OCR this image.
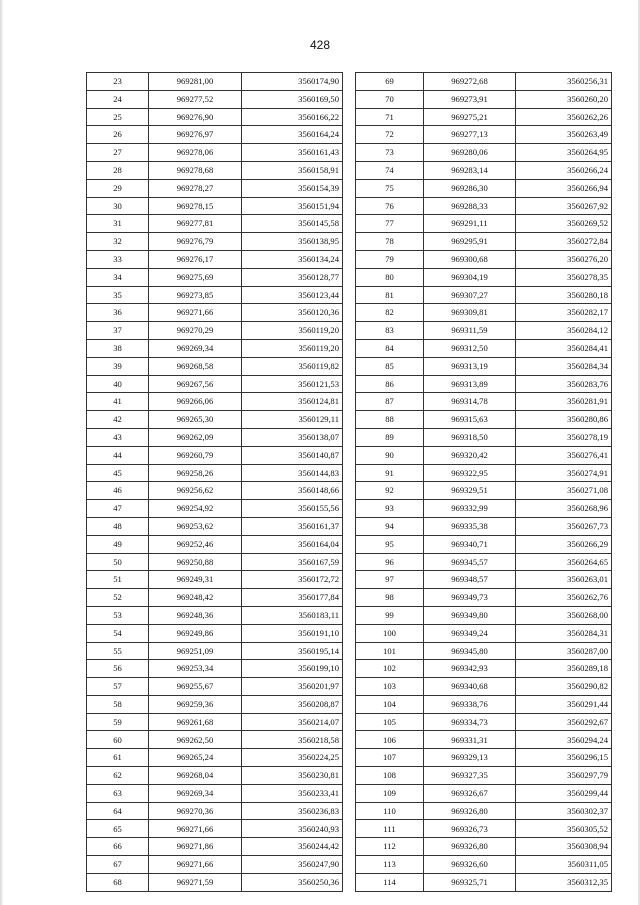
428
23	969281,00	3560174,90
24	969277,52	3560169,50
25	969276,90	3560166,22
26	969276,97	3560164,24
27	969278,06	3560161,43
28	969278,68	3560158,91
29	969278,27	3560154,39
30	969278,15	3560151,94
31	969277,81	3560145,58
32	969276,79	3560138,95
33	969276,17	3560134,24
34	969275,69	3560128,77
35	969273,85	3560123,44
36	969271,66	3560120,36
37	969270,29	3560119,20
38	969269,34	3560119,20
39	969268,58	3560119,82
40	969267,56	3560121,53
41	969266,06	3560124,81
42	969265,30	3560129,11
43	969262,09	3560138,07
44	969260,79	3560140,87
45	969258,26	3560144,83
46	969256,62	3560148,66
47	969254,92	3560155,56
48	969253,62	3560161,37
49	969252,46	3560164,04
50	969250,88	3560167,59
51	969249,31	3560172,72
52	969248,42	3560177,84
53	969248,36	3560183,11
54	969249,86	3560191,10
55	969251,09	3560195,14
56	969253,34	3560199,10
57	969255,67	3560201,97
58	969259,36	3560208,87
59	969261,68	3560214,07
60	969262,50	3560218,58
61	969265,24	3560224,25
62	969268,04	3560230,81
63	969269,34	3560233,41
64	969270,36	3560236,83
65	969271,66	3560240,93
66	969271,86	3560244,42
67	969271,66	3560247,90
68	969271,59	3560250,36
69	969272,68	3560256,31
70	969273,91	3560260,20
71	969275,21	3560262,26
72	969277,13	3560263,49
73	969280,06	3560264,95
74	969283,14	3560266,24
75	969286,30	3560266,94
76	969288,33	3560267,92
77	969291,11	3560269,52
78	969295,91	3560272,84
79	969300,68	3560276,20
80	969304,19	3560278,35
81	969307,27	3560280,18
82	969309,81	3560282,17
83	969311,59	3560284,12
84	969312,50	3560284,41
85	969313,19	3560284,34
86	969313,89	3560283,76
87	969314,78	3560281,91
88	969315,63	3560280,86
89	969318,50	3560278,19
90	969320,42	3560276,41
91	969322,95	3560274,91
92	969329,51	3560271,08
93	969332,99	3560268,96
94	969335,38	3560267,73
95	969340,71	3560266,29
96	969345,57	3560264,65
97	969348,57	3560263,01
98	969349,73	3560262,76
99	969349,80	3560268,00
100	969349,24	3560284,31
101	969345,80	3560287,00
102	969342,93	3560289,18
103	969340,68	3560290,82
104	969338,76	3560291,44
105	969334,73	3560292,67
106	969331,31	3560294,24
107	969329,13	3560296,15
108	969327,35	3560297,79
109	969326,67	3560299,44
110	969326,80	3560302,37
111	969326,73	3560305,52
112	969326,80	3560308,94
113	969326,60	3560311,05
114	969325,71	3560312,35
